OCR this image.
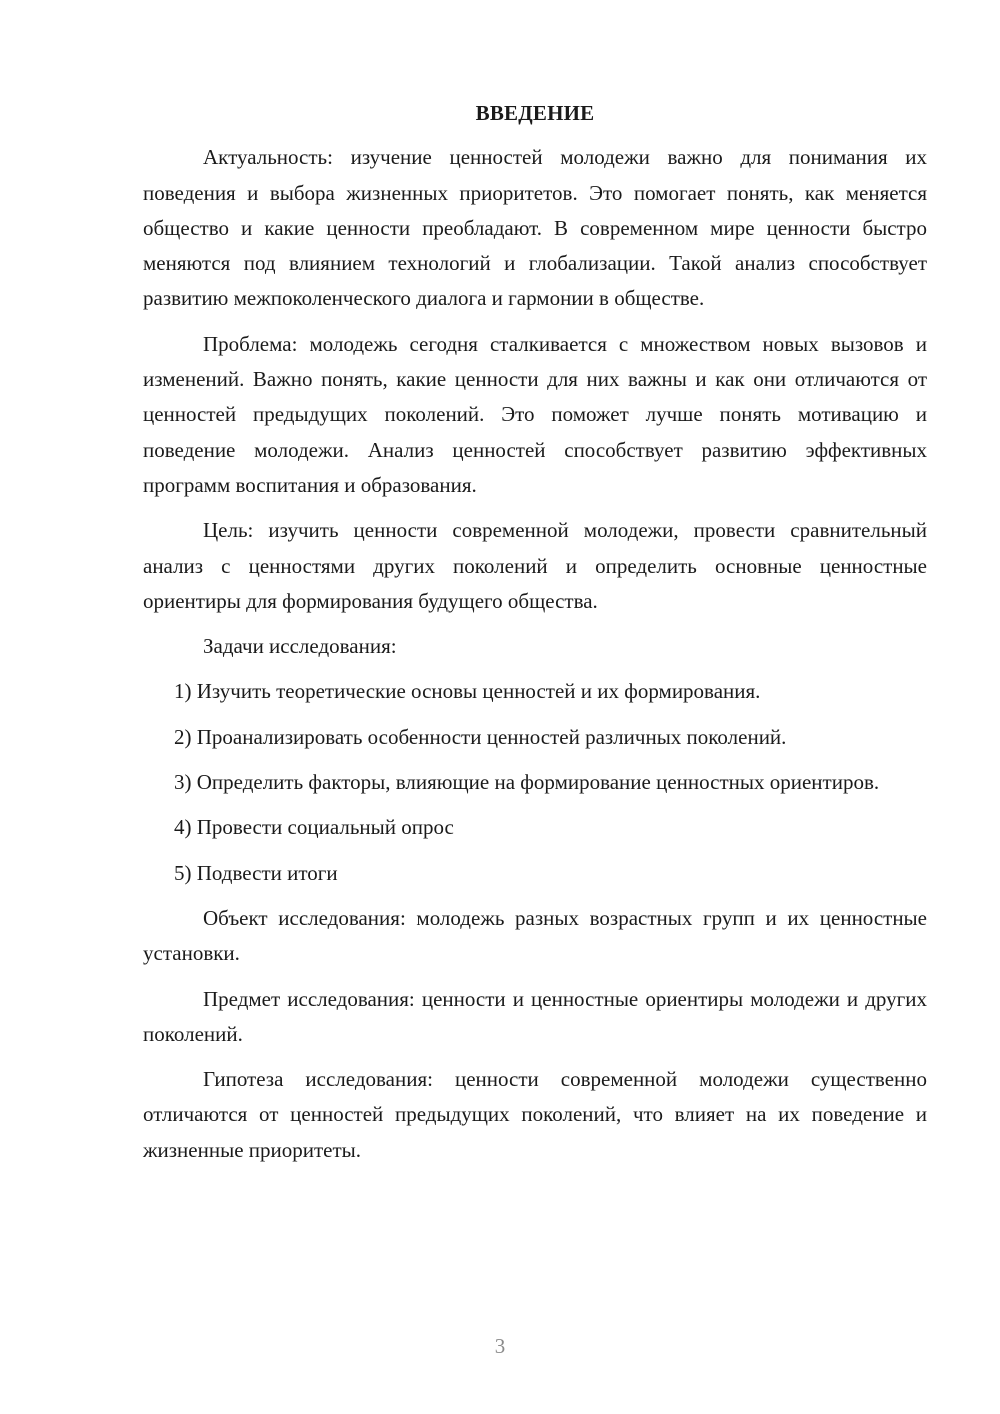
ВВЕДЕНИЕ

Актуальность: изучение ценностей молодежи важно для понимания их поведения и выбора жизненных приоритетов. Это помогает понять, как меняется общество и какие ценности преобладают. В современном мире ценности быстро меняются под влиянием технологий и глобализации. Такой анализ способствует развитию межпоколенческого диалога и гармонии в обществе.

Проблема: молодежь сегодня сталкивается с множеством новых вызовов и изменений. Важно понять, какие ценности для них важны и как они отличаются от ценностей предыдущих поколений. Это поможет лучше понять мотивацию и поведение молодежи. Анализ ценностей способствует развитию эффективных программ воспитания и образования.

Цель: изучить ценности современной молодежи, провести сравнительный анализ с ценностями других поколений и определить основные ценностные ориентиры для формирования будущего общества.

Задачи исследования:

1) Изучить теоретические основы ценностей и их формирования.

2) Проанализировать особенности ценностей различных поколений.

3) Определить факторы, влияющие на формирование ценностных ориентиров.

4) Провести социальный опрос

5) Подвести итоги

Объект исследования: молодежь разных возрастных групп и их ценностные установки.

Предмет исследования: ценности и ценностные ориентиры молодежи и других поколений.

Гипотеза исследования: ценности современной молодежи существенно отличаются от ценностей предыдущих поколений, что влияет на их поведение и жизненные приоритеты.

3
